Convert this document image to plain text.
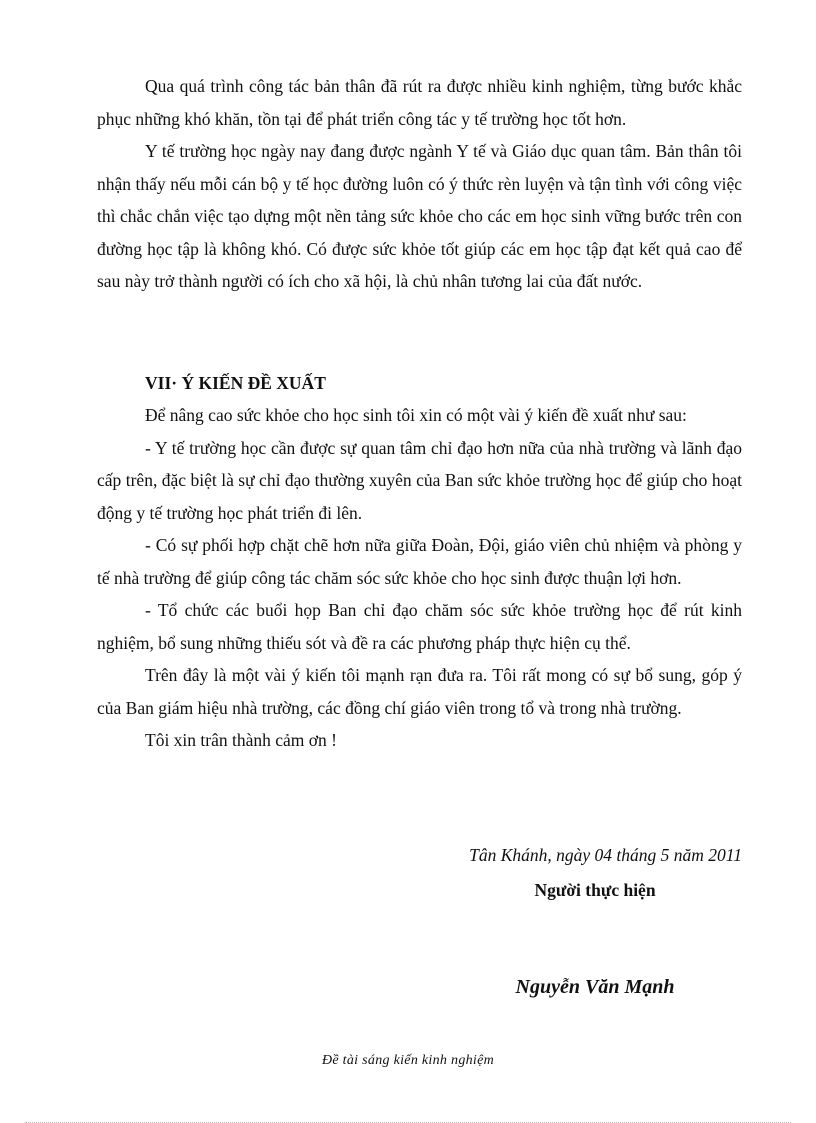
Qua quá trình công tác bản thân đã rút ra được nhiều kinh nghiệm, từng bước khắc phục những khó khăn, tồn tại để phát triển công tác y tế trường học tốt hơn.

Y tế trường học ngày nay đang được ngành Y tế và Giáo dục quan tâm. Bản thân tôi nhận thấy nếu mỗi cán bộ y tế học đường luôn có ý thức rèn luyện và tận tình với công việc thì chắc chắn việc tạo dựng một nền tảng sức khỏe cho các em học sinh vững bước trên con đường học tập là không khó. Có được sức khỏe tốt giúp các em học tập đạt kết quả cao để sau này trở thành người có ích cho xã hội, là chủ nhân tương lai của đất nước.

VII· Ý KIẾN ĐỀ XUẤT

Để nâng cao sức khỏe cho học sinh tôi xin có một vài ý kiến đề xuất như sau:

- Y tế trường học cần được sự quan tâm chỉ đạo hơn nữa của nhà trường và lãnh đạo cấp trên, đặc biệt là sự chỉ đạo thường xuyên của Ban sức khỏe trường học để giúp cho hoạt động y tế trường học phát triển đi lên.

- Có sự phối hợp chặt chẽ hơn nữa giữa Đoàn, Đội, giáo viên chủ nhiệm và phòng y tế nhà trường để giúp công tác chăm sóc sức khỏe cho học sinh được thuận lợi hơn.

- Tổ chức các buổi họp Ban chỉ đạo chăm sóc sức khỏe trường học để rút kinh nghiệm, bổ sung những thiếu sót và đề ra các phương pháp thực hiện cụ thể.

Trên đây là một vài ý kiến tôi mạnh rạn đưa ra. Tôi rất mong có sự bổ sung, góp ý của Ban giám hiệu nhà trường, các đồng chí giáo viên trong tổ và trong nhà trường.

Tôi xin trân thành cảm ơn !

Tân Khánh, ngày 04 tháng 5 năm 2011
Người thực hiện
Nguyễn Văn Mạnh
Đề tài sáng kiến kinh nghiệm
